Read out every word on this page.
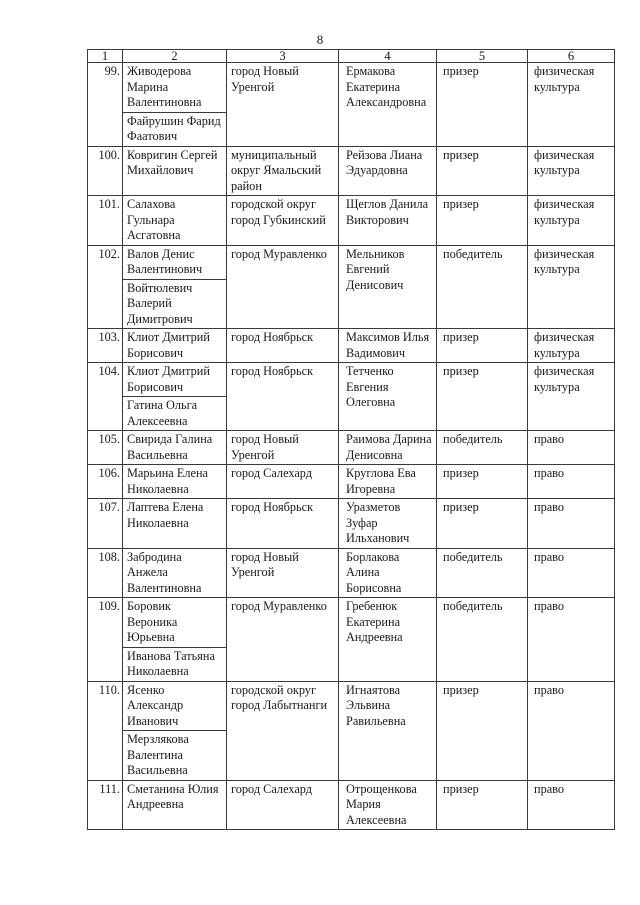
8
1	2	3	4	5	6
99.	Живодерова Марина Валентиновна	город Новый Уренгой	Ермакова Екатерина Александровна	призер	физическая культура
	Файрушин Фарид Фаатович				
100.	Ковригин Сергей Михайлович	муниципальный округ Ямальский район	Рейзова Лиана Эдуардовна	призер	физическая культура
101.	Салахова Гульнара Асгатовна	городской округ город Губкинский	Щеглов Данила Викторович	призер	физическая культура
102.	Валов Денис Валентинович	город Муравленко	Мельников Евгений Денисович	победитель	физическая культура
	Войтюлевич Валерий Димитрович				
103.	Клиот Дмитрий Борисович	город Ноябрьск	Максимов Илья Вадимович	призер	физическая культура
104.	Клиот Дмитрий Борисович	город Ноябрьск	Тетченко Евгения Олеговна	призер	физическая культура
	Гатина Ольга Алексеевна				
105.	Свирида Галина Васильевна	город Новый Уренгой	Раимова Дарина Денисовна	победитель	право
106.	Марьина Елена Николаевна	город Салехард	Круглова Ева Игоревна	призер	право
107.	Лаптева Елена Николаевна	город Ноябрьск	Уразметов Зуфар Ильханович	призер	право
108.	Забродина Анжела Валентиновна	город Новый Уренгой	Борлакова Алина Борисовна	победитель	право
109.	Боровик Вероника Юрьевна	город Муравленко	Гребенюк Екатерина Андреевна	победитель	право
	Иванова Татьяна Николаевна				
110.	Ясенко Александр Иванович	городской округ город Лабытнанги	Игнаятова Эльвина Равильевна	призер	право
	Мерзлякова Валентина Васильевна				
111.	Сметанина Юлия Андреевна	город Салехард	Отрощенкова Мария Алексеевна	призер	право
